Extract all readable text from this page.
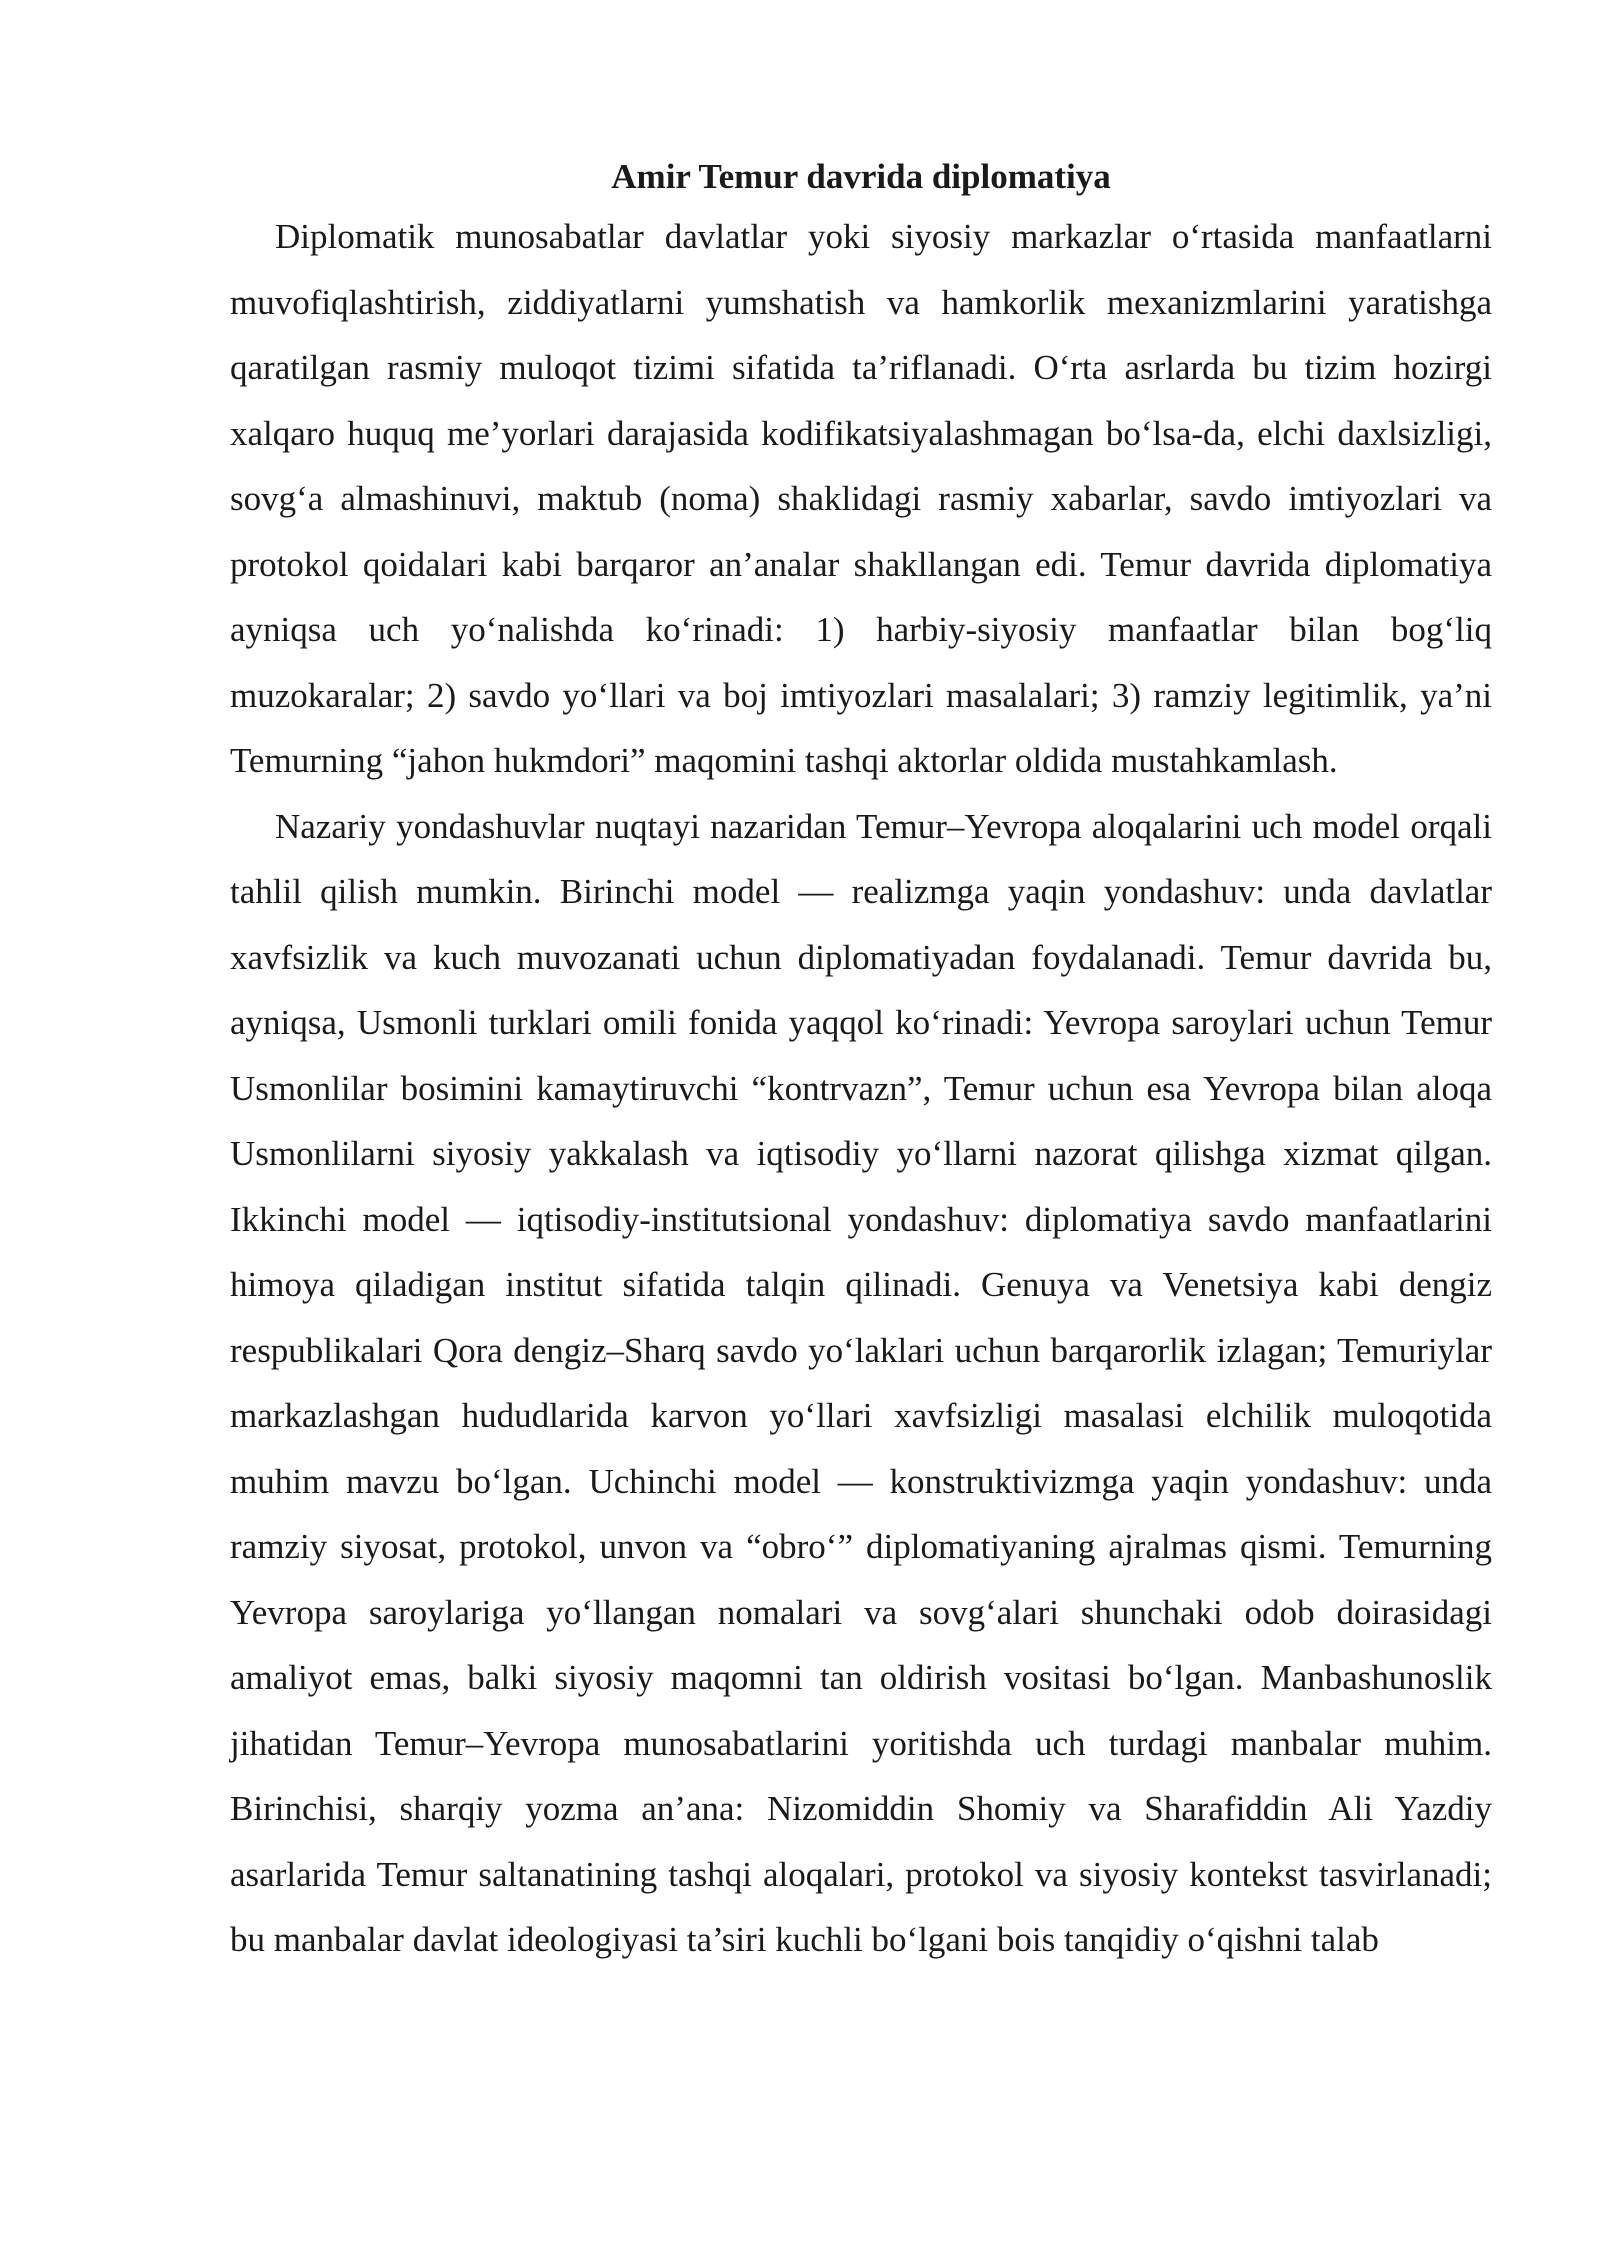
Amir Temur davrida diplomatiya

Diplomatik munosabatlar davlatlar yoki siyosiy markazlar o‘rtasida manfaatlarni muvofiqlashtirish, ziddiyatlarni yumshatish va hamkorlik mexanizmlarini yaratishga qaratilgan rasmiy muloqot tizimi sifatida ta’riflanadi. O‘rta asrlarda bu tizim hozirgi xalqaro huquq me’yorlari darajasida kodifikatsiyalashmagan bo‘lsa-da, elchi daxlsizligi, sovg‘a almashinuvi, maktub (noma) shaklidagi rasmiy xabarlar, savdo imtiyozlari va protokol qoidalari kabi barqaror an’analar shakllangan edi. Temur davrida diplomatiya ayniqsa uch yo‘nalishda ko‘rinadi: 1) harbiy-siyosiy manfaatlar bilan bog‘liq muzokaralar; 2) savdo yo‘llari va boj imtiyozlari masalalari; 3) ramziy legitimlik, ya’ni Temurning “jahon hukmdori” maqomini tashqi aktorlar oldida mustahkamlash.

Nazariy yondashuvlar nuqtayi nazaridan Temur–Yevropa aloqalarini uch model orqali tahlil qilish mumkin. Birinchi model — realizmga yaqin yondashuv: unda davlatlar xavfsizlik va kuch muvozanati uchun diplomatiyadan foydalanadi. Temur davrida bu, ayniqsa, Usmonli turklari omili fonida yaqqol ko‘rinadi: Yevropa saroylari uchun Temur Usmonlilar bosimini kamaytiruvchi “kontrvazn”, Temur uchun esa Yevropa bilan aloqa Usmonlilarni siyosiy yakkalash va iqtisodiy yo‘llarni nazorat qilishga xizmat qilgan. Ikkinchi model — iqtisodiy-institutsional yondashuv: diplomatiya savdo manfaatlarini himoya qiladigan institut sifatida talqin qilinadi. Genuya va Venetsiya kabi dengiz respublikalari Qora dengiz–Sharq savdo yo‘laklari uchun barqarorlik izlagan; Temuriylar markazlashgan hududlarida karvon yo‘llari xavfsizligi masalasi elchilik muloqotida muhim mavzu bo‘lgan. Uchinchi model — konstruktivizmga yaqin yondashuv: unda ramziy siyosat, protokol, unvon va “obro‘” diplomatiyaning ajralmas qismi. Temurning Yevropa saroylariga yo‘llangan nomalari va sovg‘alari shunchaki odob doirasidagi amaliyot emas, balki siyosiy maqomni tan oldirish vositasi bo‘lgan. Manbashunoslik jihatidan Temur–Yevropa munosabatlarini yoritishda uch turdagi manbalar muhim. Birinchisi, sharqiy yozma an’ana: Nizomiddin Shomiy va Sharafiddin Ali Yazdiy asarlarida Temur saltanatining tashqi aloqalari, protokol va siyosiy kontekst tasvirlanadi; bu manbalar davlat ideologiyasi ta’siri kuchli bo‘lgani bois tanqidiy o‘qishni talab
